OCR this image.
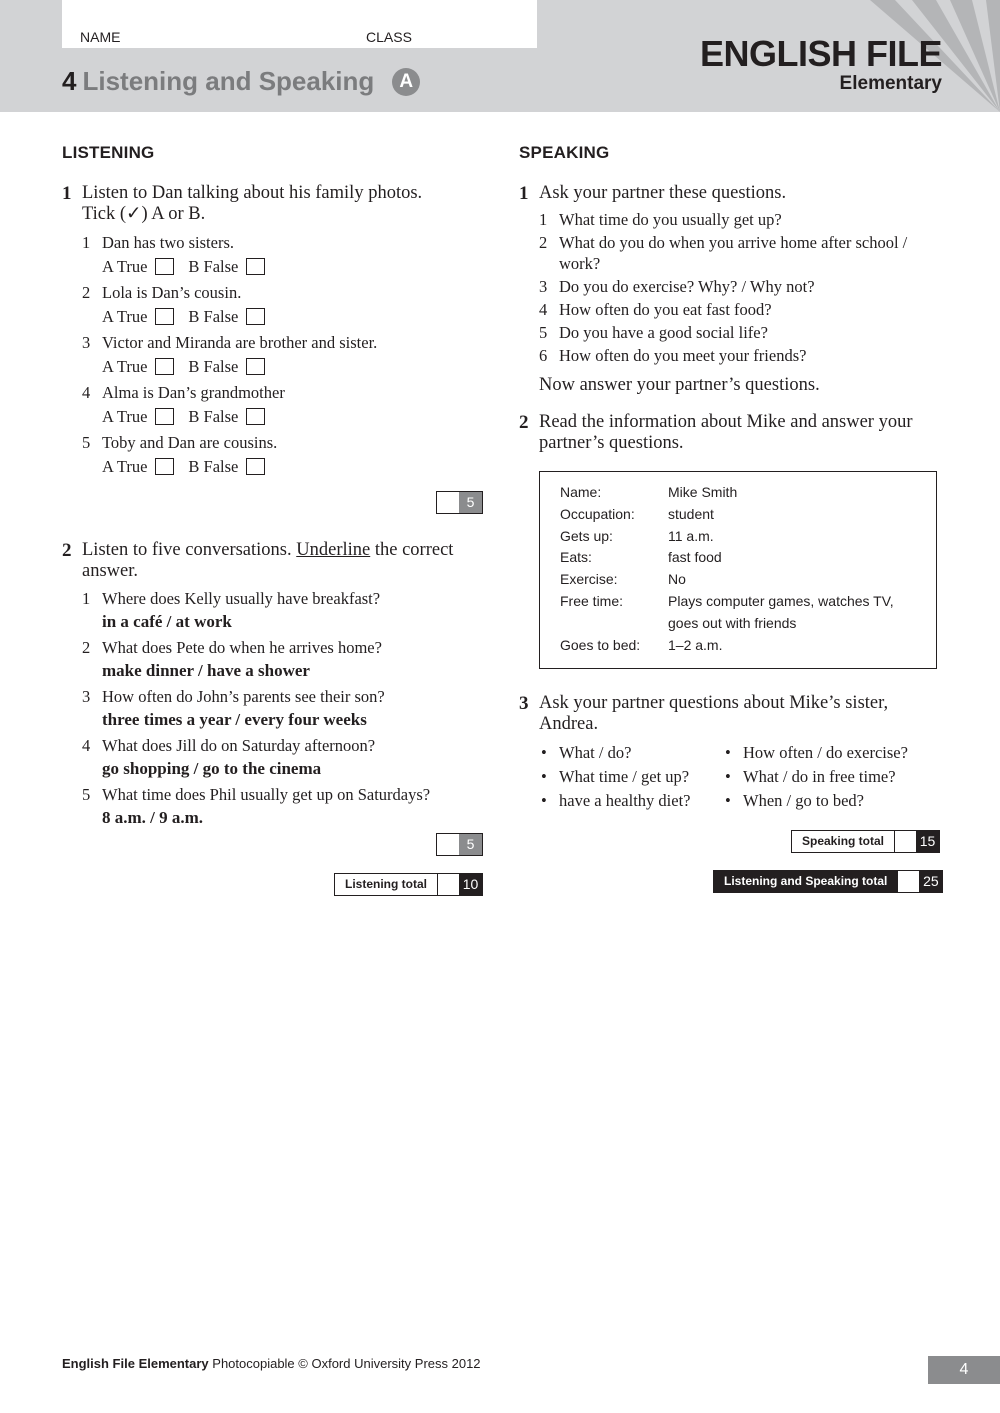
NAME	CLASS
4 Listening and Speaking A
ENGLISH FILE
Elementary
LISTENING
1 Listen to Dan talking about his family photos.
Tick (✓) A or B.
1 Dan has two sisters.
A True B False
2 Lola is Dan’s cousin.
A True B False
3 Victor and Miranda are brother and sister.
A True B False
4 Alma is Dan’s grandmother
A True B False
5 Toby and Dan are cousins.
A True B False
5
2 Listen to five conversations. Underline the correct answer.
1 Where does Kelly usually have breakfast?
in a café / at work
2 What does Pete do when he arrives home?
make dinner / have a shower
3 How often do John’s parents see their son?
three times a year / every four weeks
4 What does Jill do on Saturday afternoon?
go shopping / go to the cinema
5 What time does Phil usually get up on Saturdays?
8 a.m. / 9 a.m.
5
Listening total	10
SPEAKING
1 Ask your partner these questions.
1 What time do you usually get up?
2 What do you do when you arrive home after school / work?
3 Do you do exercise? Why? / Why not?
4 How often do you eat fast food?
5 Do you have a good social life?
6 How often do you meet your friends?
Now answer your partner’s questions.
2 Read the information about Mike and answer your partner’s questions.
Name:	Mike Smith
Occupation:	student
Gets up:	11 a.m.
Eats:	fast food
Exercise:	No
Free time:	Plays computer games, watches TV, goes out with friends
Goes to bed:	1–2 a.m.
3 Ask your partner questions about Mike’s sister, Andrea.
• What / do?	• How often / do exercise?
• What time / get up?	• What / do in free time?
• have a healthy diet?	• When / go to bed?
Speaking total	15
Listening and Speaking total	25
English File Elementary Photocopiable © Oxford University Press 2012	4
